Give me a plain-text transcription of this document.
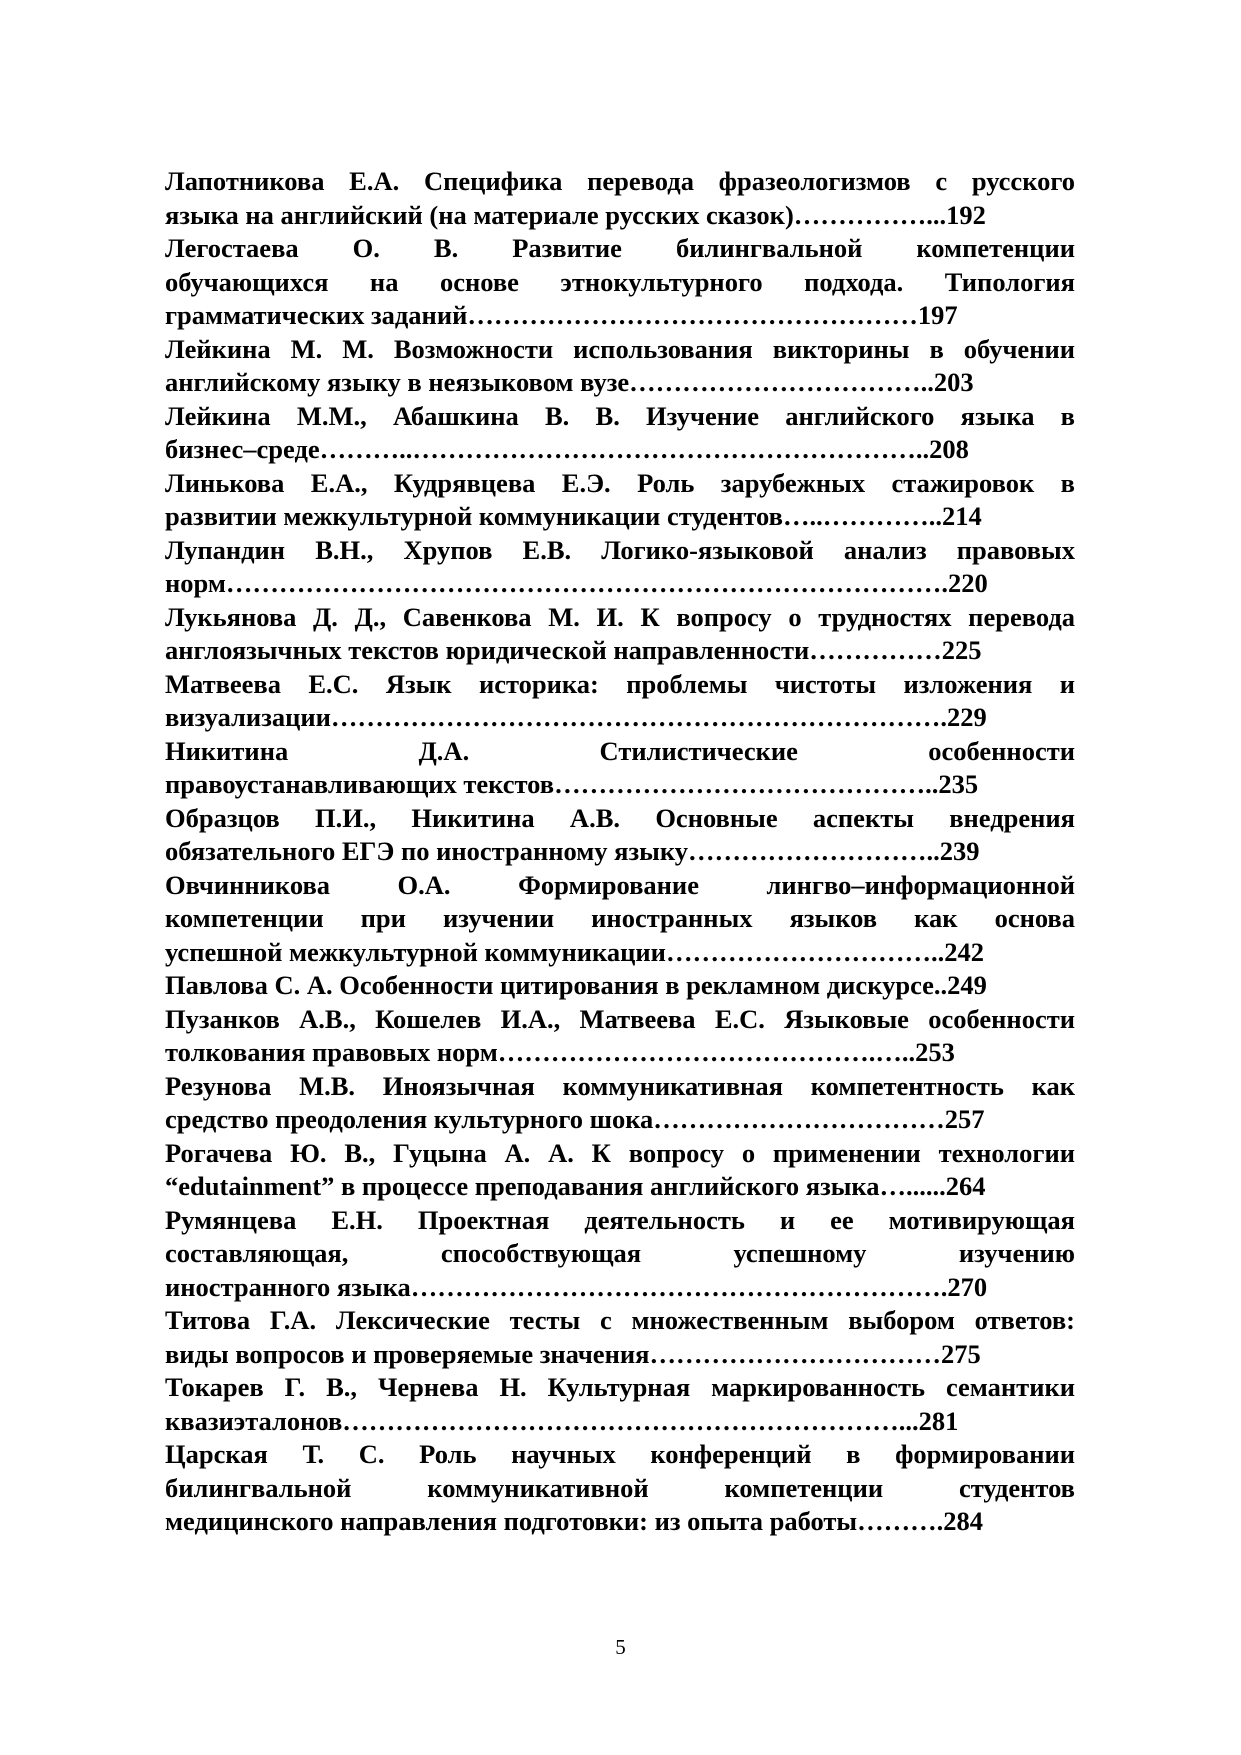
Лапотникова Е.А. Специфика перевода фразеологизмов с русского
языка на английский (на материале русских сказок)……………...192
Легостаева О. В. Развитие билингвальной компетенции
обучающихся на основе этнокультурного подхода. Типология
грамматических заданий……………………………………………197
Лейкина М. М. Возможности использования викторины в обучении
английскому языку в неязыковом вузе……………………………..203
Лейкина М.М., Абашкина В. В. Изучение английского языка в
бизнес–среде………..…………………………………………………..208
Линькова Е.А., Кудрявцева Е.Э. Роль зарубежных стажировок в
развитии межкультурной коммуникации студентов…..…………..214
Лупандин В.Н., Хрупов Е.В. Логико-языковой анализ правовых
норм……………………………………………………………………….220
Лукьянова Д. Д., Савенкова М. И. К вопросу о трудностях перевода
англоязычных текстов юридической направленности……………225
Матвеева Е.С. Язык историка: проблемы чистоты изложения и
визуализации…………………………………………………………….229
Никитина Д.А. Стилистические особенности
правоустанавливающих текстов……………………………………..235
Образцов П.И., Никитина А.В. Основные аспекты внедрения
обязательного ЕГЭ по иностранному языку………………………..239
Овчинникова О.А. Формирование лингво–информационной
компетенции при изучении иностранных языков как основа
успешной межкультурной коммуникации…………………………..242
Павлова С. А. Особенности цитирования в рекламном дискурсе..249
Пузанков А.В., Кошелев И.А., Матвеева Е.С. Языковые особенности
толкования правовых норм…………………………………….…..253
Резунова М.В. Иноязычная коммуникативная компетентность как
средство преодоления культурного шока……………………………257
Рогачева Ю. В., Гуцына А. А. К вопросу о применении технологии
“edutainment” в процессе преподавания английского языка…......264
Румянцева Е.Н. Проектная деятельность и ее мотивирующая
составляющая, способствующая успешному изучению
иностранного языка…………………………………………………….270
Титова Г.А. Лексические тесты с множественным выбором ответов:
виды вопросов и проверяемые значения……………………………275
Токарев Г. В., Чернева Н. Культурная маркированность семантики
квазиэталонов………………………………………………………...281
Царская Т. С. Роль научных конференций в формировании
билингвальной коммуникативной компетенции студентов
медицинского направления подготовки: из опыта работы……….284
5
